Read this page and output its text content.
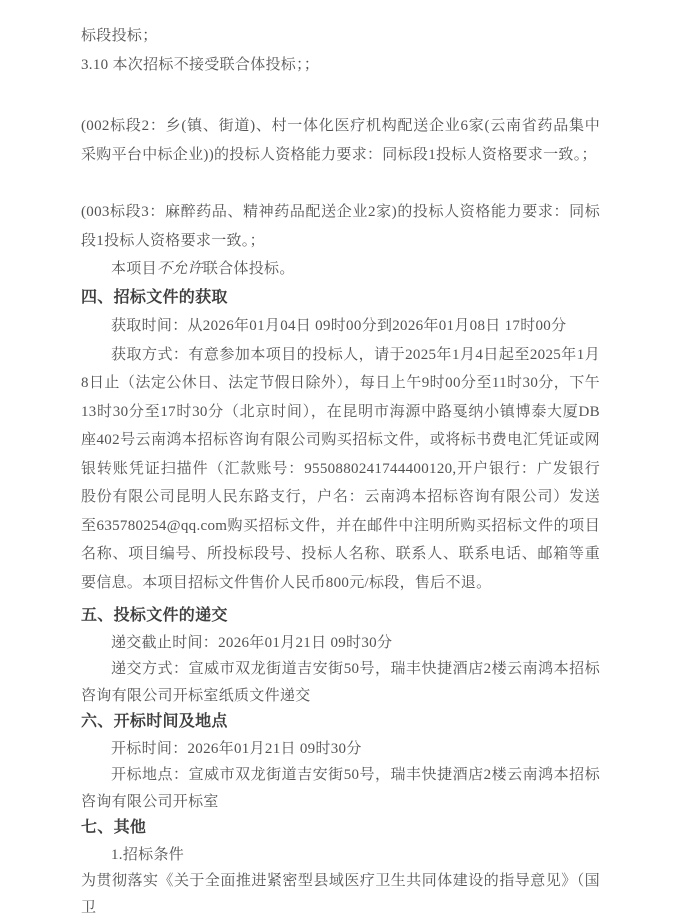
标段投标；

3.10 本次招标不接受联合体投标；；

(002标段2：乡(镇、街道)、村一体化医疗机构配送企业6家(云南省药品集中采购平台中标企业))的投标人资格能力要求：同标段1投标人资格要求一致。；

(003标段3：麻醉药品、精神药品配送企业2家)的投标人资格能力要求：同标段1投标人资格要求一致。；

本项目不允许联合体投标。

四、招标文件的获取

获取时间：从2026年01月04日 09时00分到2026年01月08日 17时00分

获取方式：有意参加本项目的投标人，请于2025年1月4日起至2025年1月8日止（法定公休日、法定节假日除外），每日上午9时00分至11时30分，下午13时30分至17时30分（北京时间），在昆明市海源中路戛纳小镇博泰大厦DB座402号云南鸿本招标咨询有限公司购买招标文件，或将标书费电汇凭证或网银转账凭证扫描件（汇款账号：9550880241744400120,开户银行：广发银行股份有限公司昆明人民东路支行，户名：云南鸿本招标咨询有限公司）发送至635780254@qq.com购买招标文件，并在邮件中注明所购买招标文件的项目名称、项目编号、所投标段号、投标人名称、联系人、联系电话、邮箱等重要信息。本项目招标文件售价人民币800元/标段，售后不退。

五、投标文件的递交

递交截止时间：2026年01月21日 09时30分

递交方式：宣威市双龙街道吉安街50号，瑞丰快捷酒店2楼云南鸿本招标咨询有限公司开标室纸质文件递交

六、开标时间及地点

开标时间：2026年01月21日 09时30分

开标地点：宣威市双龙街道吉安街50号，瑞丰快捷酒店2楼云南鸿本招标咨询有限公司开标室

七、其他

1.招标条件

为贯彻落实《关于全面推进紧密型县域医疗卫生共同体建设的指导意见》（国卫
